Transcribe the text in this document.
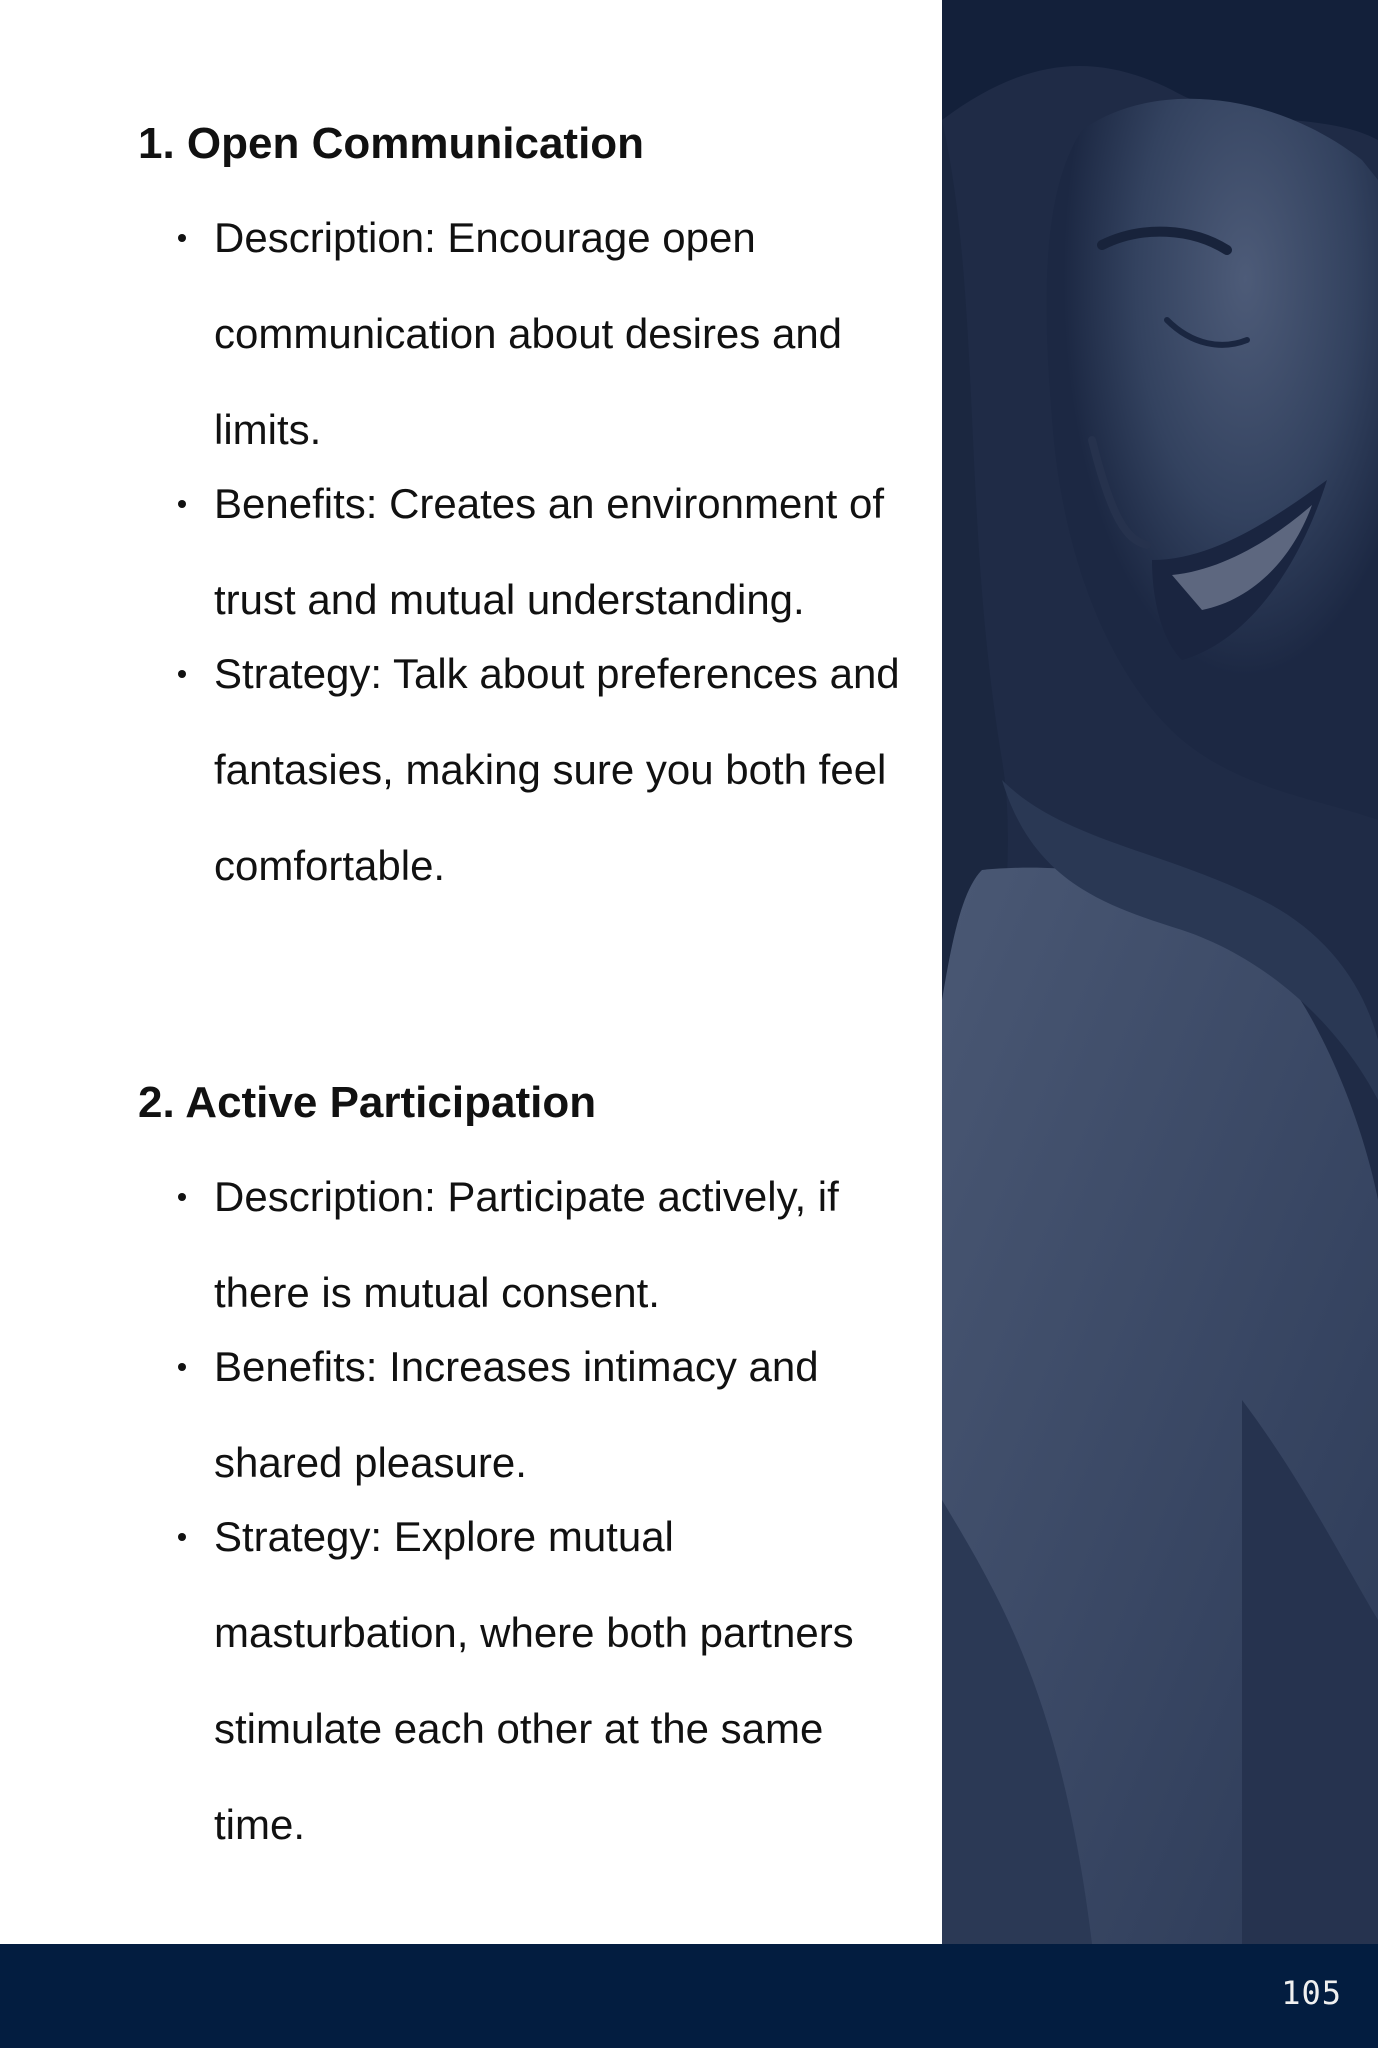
1. Open Communication
Description: Encourage open communication about desires and limits.
Benefits: Creates an environment of trust and mutual understanding.
Strategy: Talk about preferences and fantasies, making sure you both feel comfortable.
2. Active Participation
Description: Participate actively, if there is mutual consent.
Benefits: Increases intimacy and shared pleasure.
Strategy: Explore mutual masturbation, where both partners stimulate each other at the same time.
105
